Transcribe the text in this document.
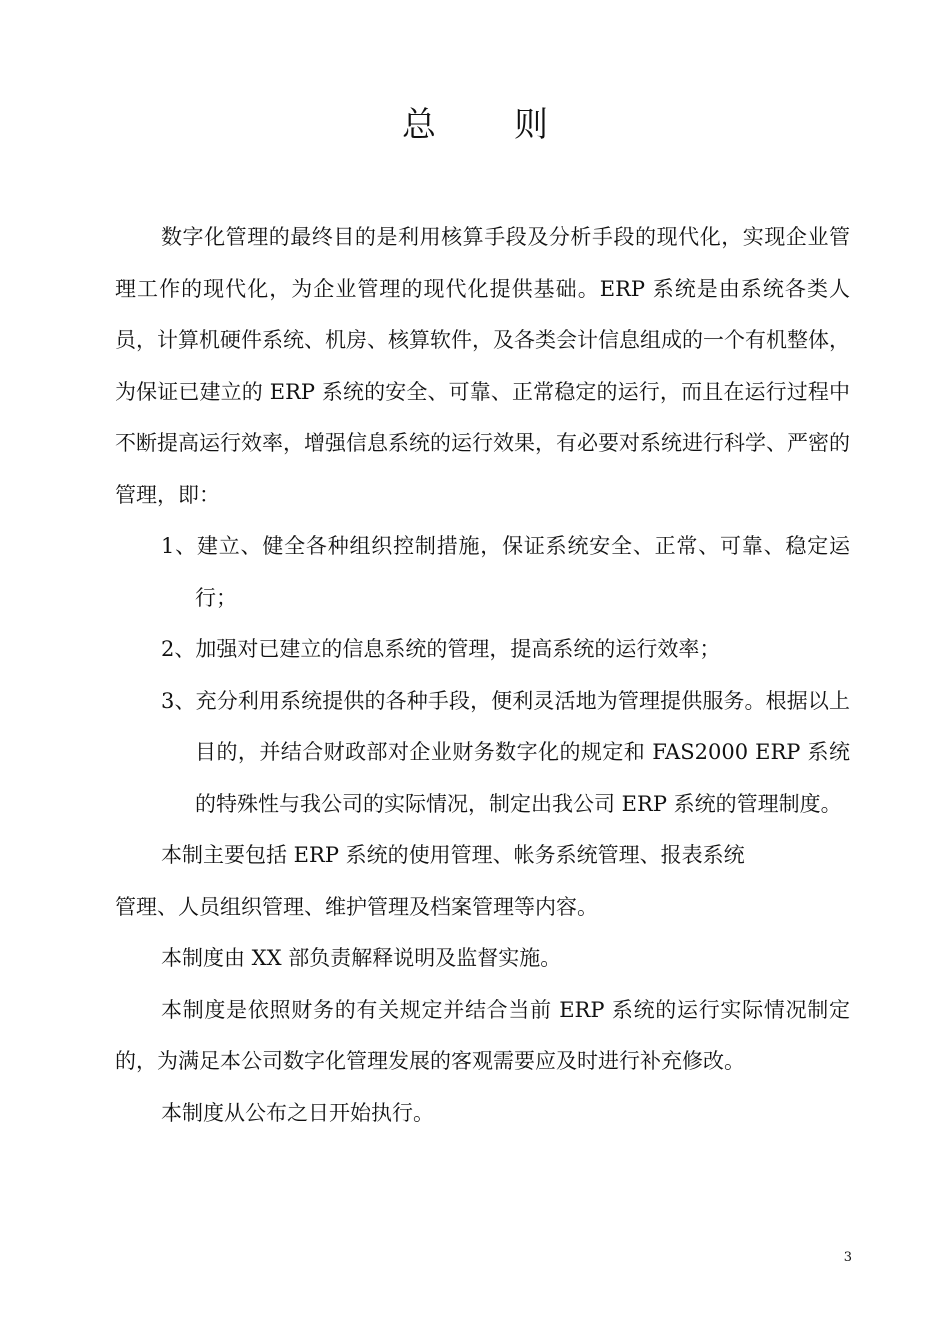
总 则

数字化管理的最终目的是利用核算手段及分析手段的现代化，实现企业管理工作的现代化，为企业管理的现代化提供基础。ERP 系统是由系统各类人员，计算机硬件系统、机房、核算软件，及各类会计信息组成的一个有机整体，为保证已建立的 ERP 系统的安全、可靠、正常稳定的运行，而且在运行过程中不断提高运行效率，增强信息系统的运行效果，有必要对系统进行科学、严密的管理，即：

1、建立、健全各种组织控制措施，保证系统安全、正常、可靠、稳定运行；

2、加强对已建立的信息系统的管理，提高系统的运行效率；

3、充分利用系统提供的各种手段，便利灵活地为管理提供服务。根据以上目的，并结合财政部对企业财务数字化的规定和 FAS2000 ERP 系统的特殊性与我公司的实际情况，制定出我公司 ERP 系统的管理制度。

本制主要包括 ERP 系统的使用管理、帐务系统管理、报表系统
管理、人员组织管理、维护管理及档案管理等内容。

本制度由 XX 部负责解释说明及监督实施。

本制度是依照财务的有关规定并结合当前 ERP 系统的运行实际情况制定的，为满足本公司数字化管理发展的客观需要应及时进行补充修改。

本制度从公布之日开始执行。

3
